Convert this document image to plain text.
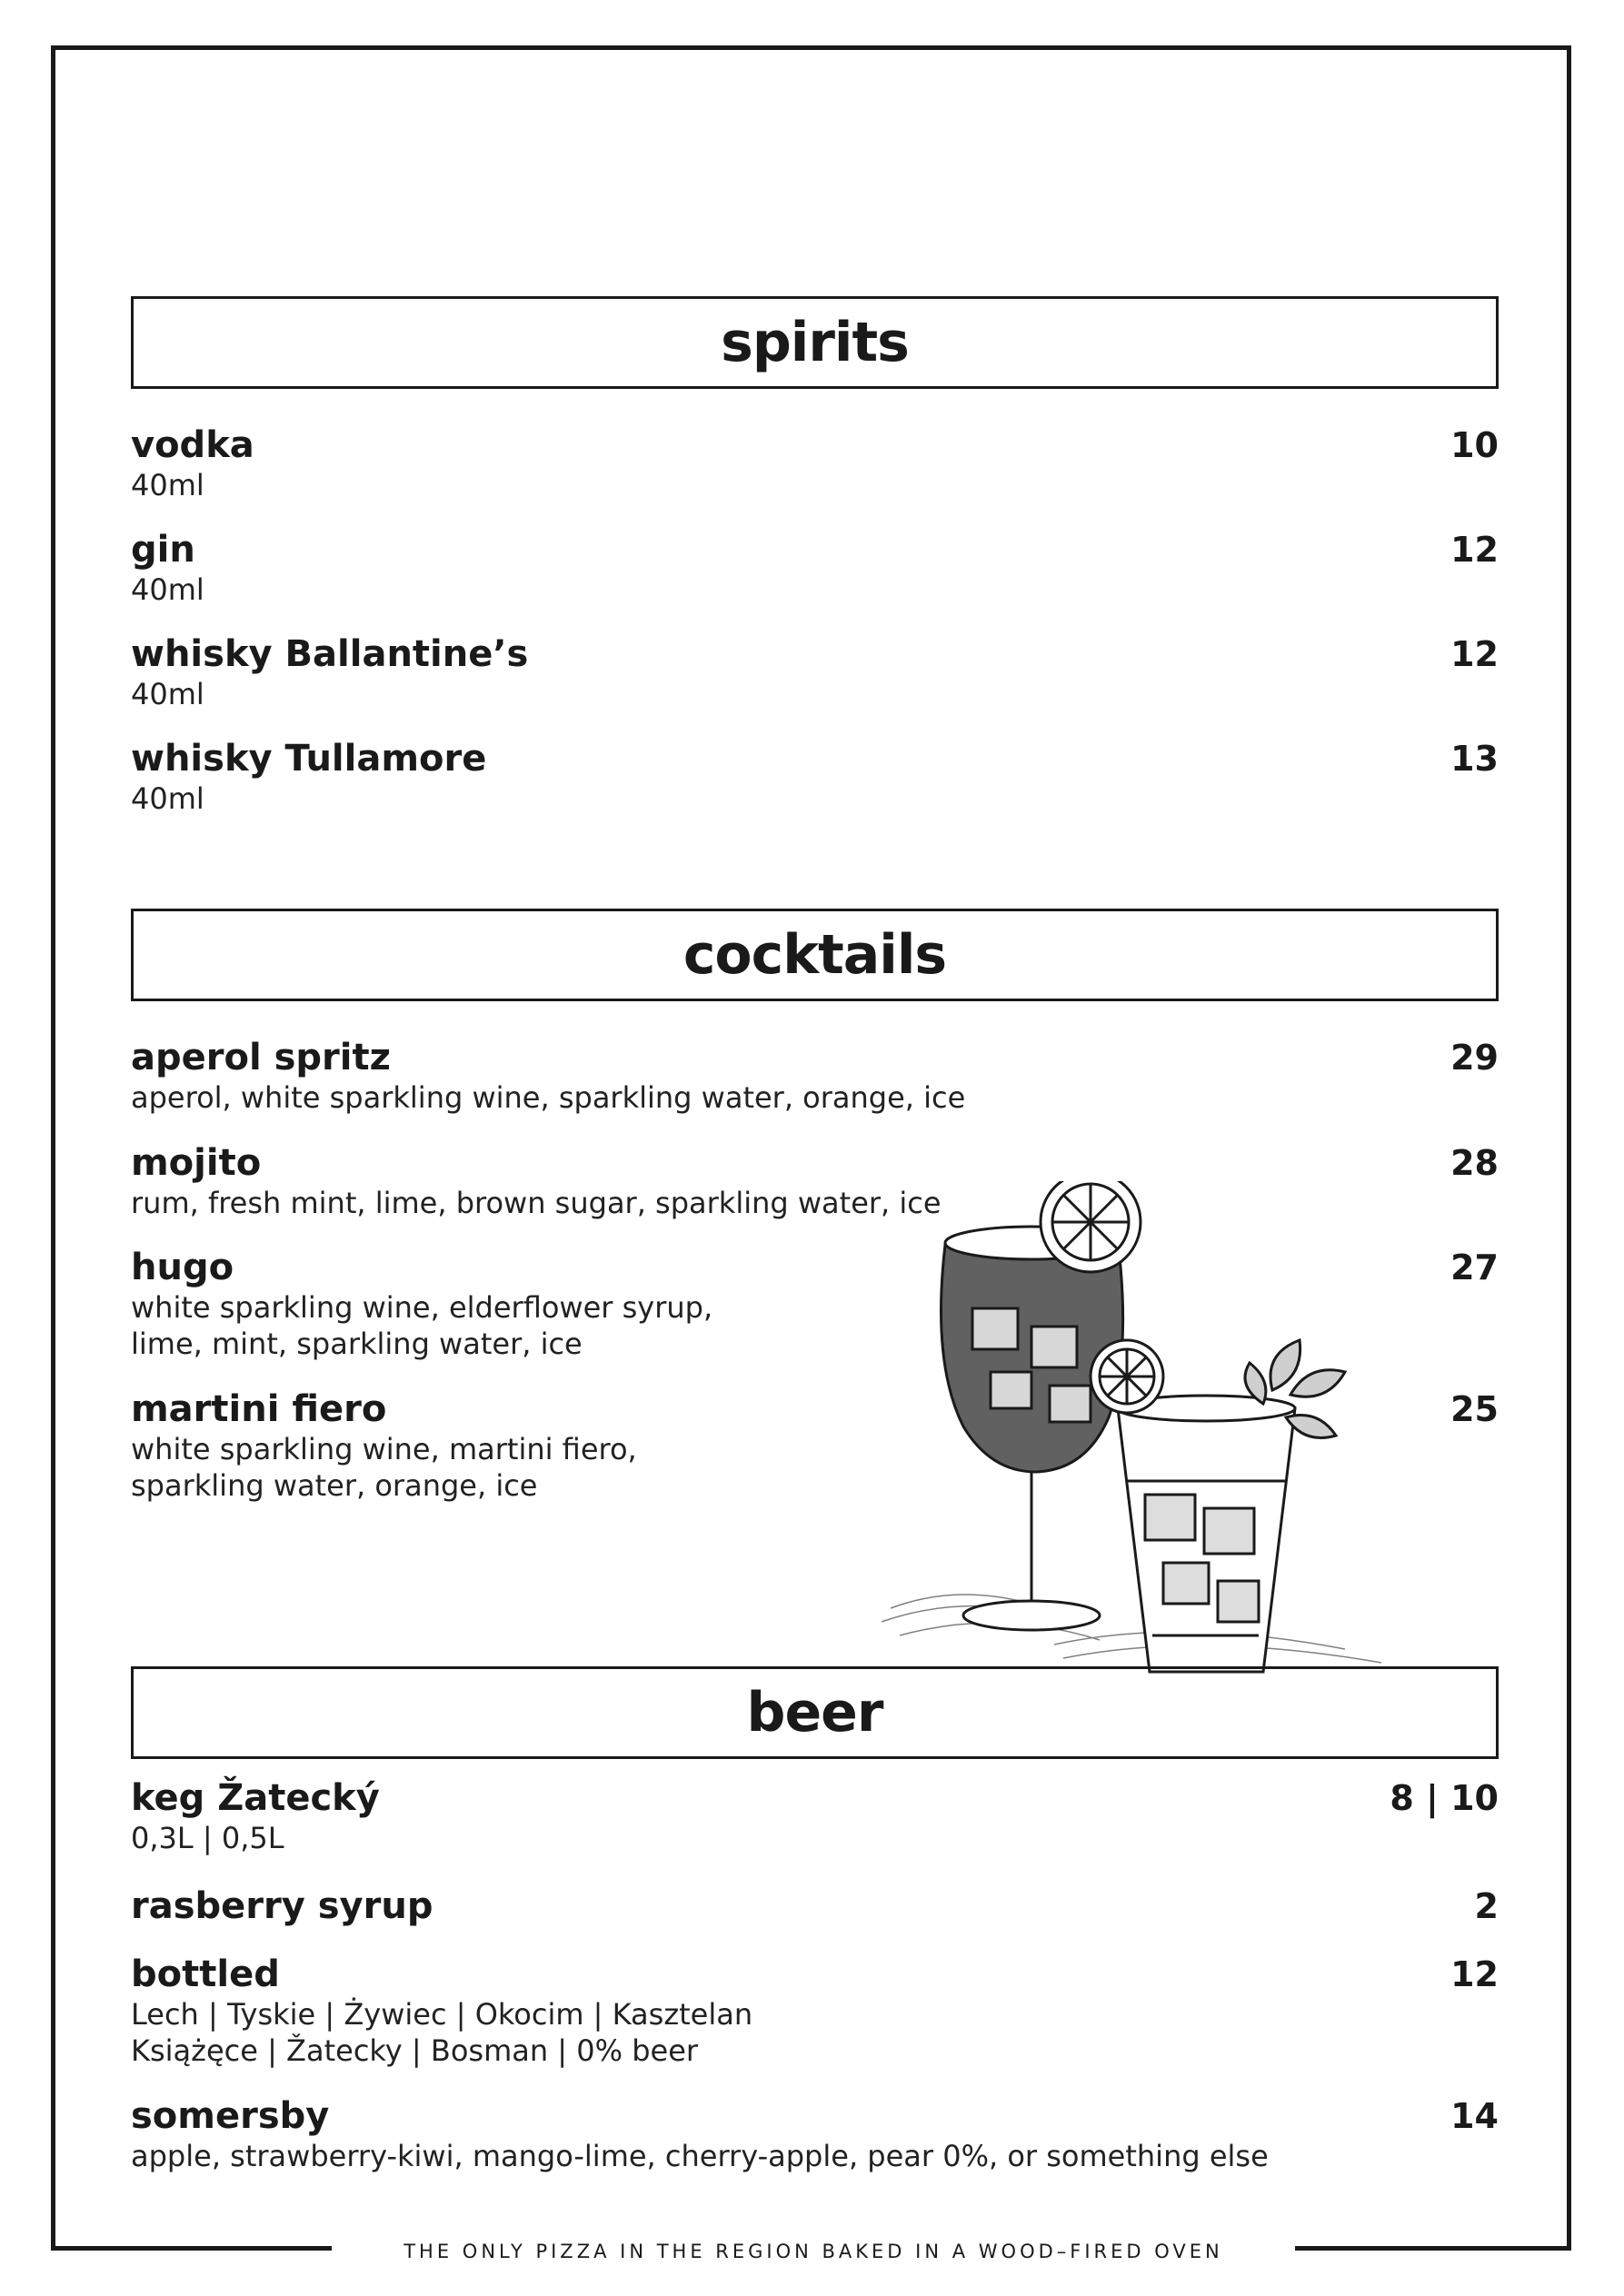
THE ONLY PIZZA IN THE REGION BAKED IN A WOOD–FIRED OVEN
spirits
vodka
40ml
10
gin
40ml
12
whisky Ballantine’s
40ml
12
whisky Tullamore
40ml
13
cocktails
aperol spritz
aperol, white sparkling wine, sparkling water, orange, ice
29
mojito
rum, fresh mint, lime, brown sugar, sparkling water, ice
28
hugo
white sparkling wine, elderflower syrup,
lime, mint, sparkling water, ice
27
martini fiero
white sparkling wine, martini fiero,
sparkling water, orange, ice
25
beer
keg Žatecký
0,3L | 0,5L
8 | 10
rasberry syrup	2
bottled
Lech | Tyskie | Żywiec | Okocim | Kasztelan
Książęce | Žatecky | Bosman | 0% beer
12
somersby
apple, strawberry-kiwi, mango-lime, cherry-apple, pear 0%, or something else
14
